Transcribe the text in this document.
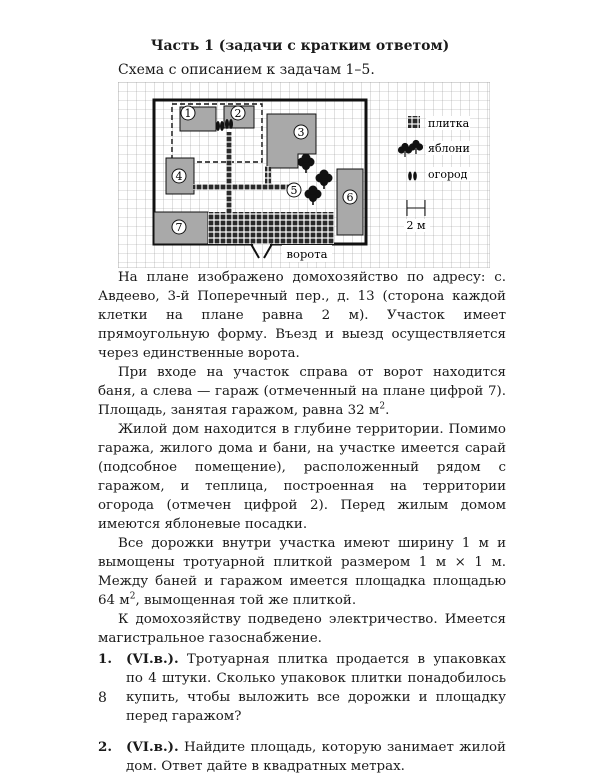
Часть 1 (задачи с кратким ответом)
Схема с описанием к задачам 1–5.
1	2
3
4
5
6
7
ворота
плитка
яблони
огород
2 м

На плане изображено домохозяйство по адресу: с. Авдеево, 3-й Поперечный пер., д. 13 (сторона каждой клетки на плане равна 2 м). Участок имеет прямоугольную форму. Въезд и выезд осуществляется через единственные ворота.

При входе на участок справа от ворот находится баня, а слева — гараж (отмеченный на плане цифрой 7). Площадь, занятая гаражом, равна 32 $м^2$.

Жилой дом находится в глубине территории. Помимо гаража, жилого дома и бани, на участке имеется сарай (подсобное помещение), расположенный рядом с гаражом, и теплица, построенная на территории огорода (отмечен цифрой 2). Перед жилым домом имеются яблоневые посадки.

Все дорожки внутри участка имеют ширину 1 м и вымощены тротуарной плиткой размером 1 м × 1 м. Между баней и гаражом имеется площадка площадью 64 $м^2$, вымощенная той же плиткой.

К домохозяйству подведено электричество. Имеется магистральное газоснабжение.

1.	(VI.в.). Тротуарная плитка продается в упаковках по 4 штуки. Сколько упаковок плитки понадобилось купить, чтобы выложить все дорожки и площадку перед гаражом?
2.	(VI.в.). Найдите площадь, которую занимает жилой дом. Ответ дайте в квадратных метрах.
8
